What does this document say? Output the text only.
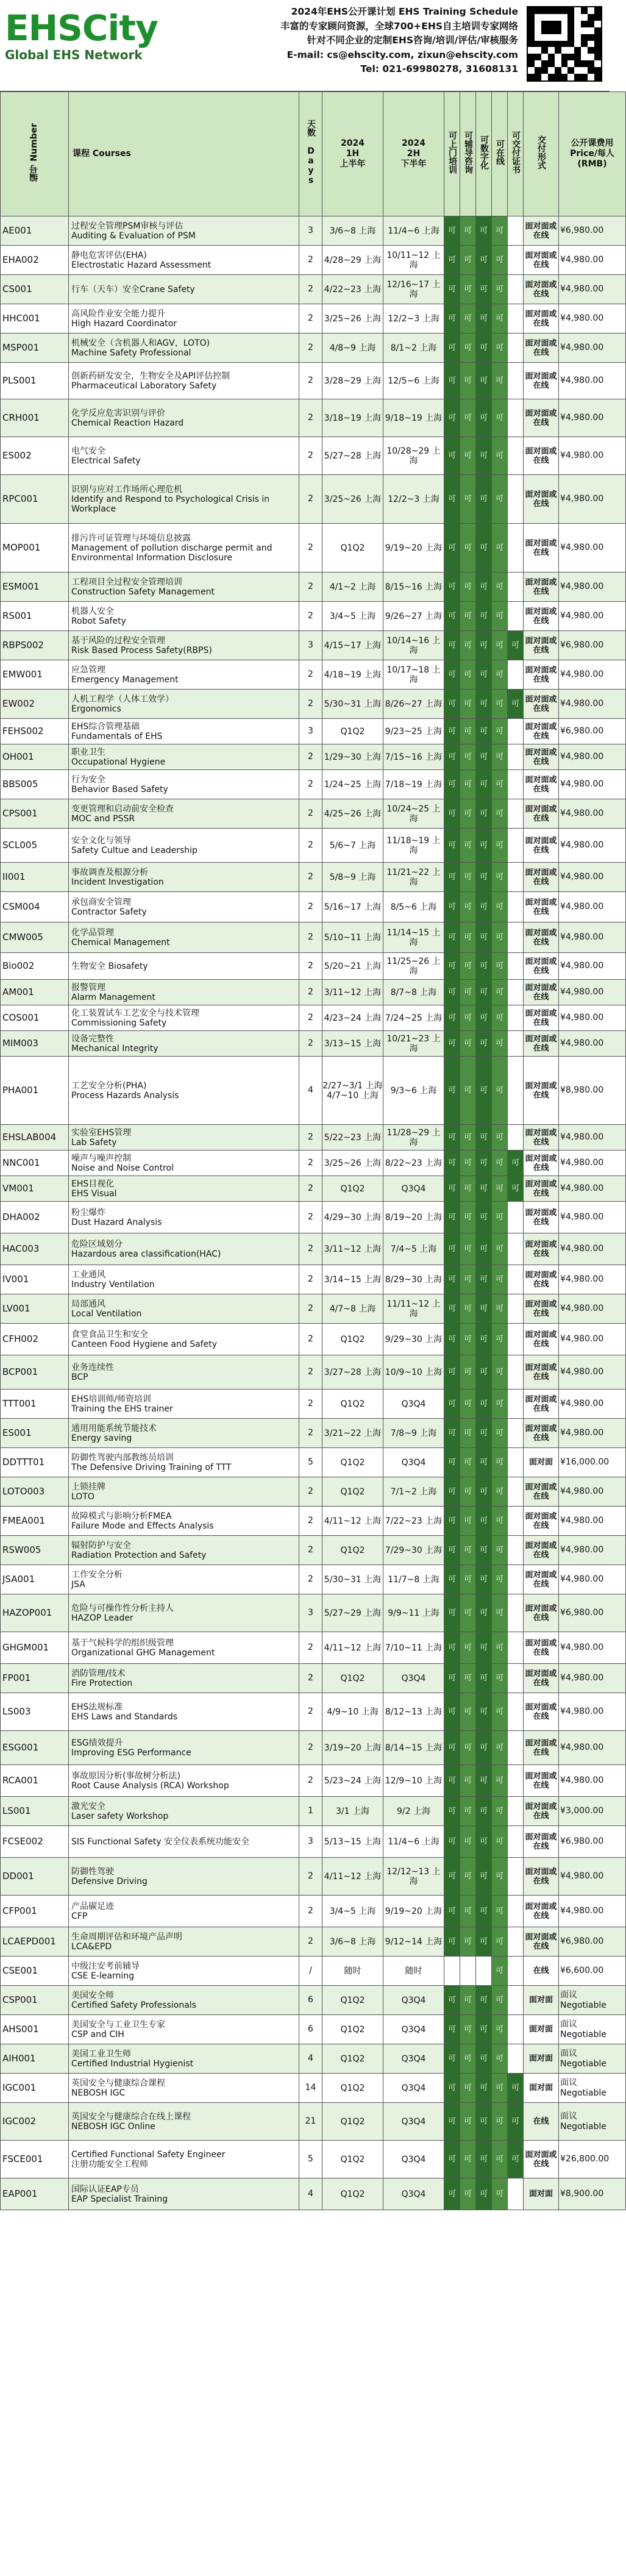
EHSCity
Global EHS Network
2024年EHS公开课计划 EHS Training Schedule
丰富的专家顾问资源，全球700+EHS自主培训专家网络
针对不同企业的定制EHS咨询/培训/评估/审核服务
E-mail: cs@ehscity.com, zixun@ehscity.com
Tel: 021-69980278, 31608131
编号 Number	课程 Courses	天数 Days	2024
1H
上半年	2024
2H
下半年	可上门培训	可辅导咨询	可数字化	可在线	可交付证书	交付形式	公开课费用 Price/每人(RMB)
AE001	过程安全管理PSM审核与评估
Auditing & Evaluation of PSM	3	3/6~8 上海	11/4~6 上海	可	可	可	可		面对面或在线	¥6,980.00
EHA002	静电危害评估(EHA)
Electrostatic Hazard Assessment	2	4/28~29 上海	10/11~12 上海	可	可	可	可		面对面或在线	¥4,980.00
CS001	行车（天车）安全Crane Safety	2	4/22~23 上海	12/16~17 上海	可	可	可	可		面对面或在线	¥4,980.00
HHC001	高风险作业安全能力提升
High Hazard Coordinator	2	3/25~26 上海	12/2~3 上海	可	可	可	可		面对面或在线	¥4,980.00
MSP001	机械安全（含机器人和AGV，LOTO)
Machine Safety Professional	2	4/8~9 上海	8/1~2 上海	可	可	可	可		面对面或在线	¥4,980.00
PLS001	创新药研发安全，生物安全及API评估控制
Pharmaceutical Laboratory Safety	2	3/28~29 上海	12/5~6 上海	可	可	可	可		面对面或在线	¥4,980.00
CRH001	化学反应危害识别与评价
Chemical Reaction Hazard	2	3/18~19 上海	9/18~19 上海	可	可	可	可		面对面或在线	¥4,980.00
ES002	电气安全
Electrical Safety	2	5/27~28 上海	10/28~29 上海	可	可	可	可		面对面或在线	¥4,980.00
RPC001	识别与应对工作场所心理危机
Identify and Respond to Psychological Crisis in Workplace	2	3/25~26 上海	12/2~3 上海	可	可	可	可		面对面或在线	¥4,980.00
MOP001	排污许可证管理与环境信息披露
Management of pollution discharge permit and Environmental Information Disclosure	2	Q1Q2	9/19~20 上海	可	可	可	可		面对面或在线	¥4,980.00
ESM001	工程项目全过程安全管理培训
Construction Safety Management	2	4/1~2 上海	8/15~16 上海	可	可	可	可		面对面或在线	¥4,980.00
RS001	机器人安全
Robot Safety	2	3/4~5 上海	9/26~27 上海	可	可	可	可		面对面或在线	¥4,980.00
RBPS002	基于风险的过程安全管理
Risk Based Process Safety(RBPS)	3	4/15~17 上海	10/14~16 上海	可	可	可	可	可	面对面或在线	¥6,980.00
EMW001	应急管理
Emergency Management	2	4/18~19 上海	10/17~18 上海	可	可	可	可		面对面或在线	¥4,980.00
EW002	人机工程学（人体工效学）
Ergonomics	2	5/30~31 上海	8/26~27 上海	可	可	可	可	可	面对面或在线	¥4,980.00
FEHS002	EHS综合管理基础
Fundamentals of EHS	3	Q1Q2	9/23~25 上海	可	可	可	可		面对面或在线	¥6,980.00
OH001	职业卫生
Occupational Hygiene	2	1/29~30 上海	7/15~16 上海	可	可	可	可		面对面或在线	¥4,980.00
BBS005	行为安全
Behavior Based Safety	2	1/24~25 上海	7/18~19 上海	可	可	可	可		面对面或在线	¥4,980.00
CPS001	变更管理和启动前安全检查
MOC and PSSR	2	4/25~26 上海	10/24~25 上海	可	可	可	可		面对面或在线	¥4,980.00
SCL005	安全文化与领导
Safety Cultue and Leadership	2	5/6~7 上海	11/18~19 上海	可	可	可	可		面对面或在线	¥4,980.00
II001	事故调查及根源分析
Incident Investigation	2	5/8~9 上海	11/21~22 上海	可	可	可	可		面对面或在线	¥4,980.00
CSM004	承包商安全管理
Contractor Safety	2	5/16~17 上海	8/5~6 上海	可	可	可	可		面对面或在线	¥4,980.00
CMW005	化学品管理
Chemical Management	2	5/10~11 上海	11/14~15 上海	可	可	可	可		面对面或在线	¥4,980.00
Bio002	生物安全 Biosafety	2	5/20~21 上海	11/25~26 上海	可	可	可	可		面对面或在线	¥4,980.00
AM001	报警管理
Alarm Management	2	3/11~12 上海	8/7~8 上海	可	可	可	可		面对面或在线	¥4,980.00
COS001	化工装置试车工艺安全与技术管理
Commissioning Safety	2	4/23~24 上海	7/24~25 上海	可	可	可	可		面对面或在线	¥4,980.00
MIM003	设备完整性
Mechanical Integrity	2	3/13~15 上海	10/21~23 上海	可	可	可	可		面对面或在线	¥4,980.00
PHA001	工艺安全分析(PHA)
Process Hazards Analysis	4	2/27~3/1 上海 4/7~10 上海	9/3~6 上海	可	可	可	可		面对面或在线	¥8,980.00
EHSLAB004	实验室EHS管理
Lab Safety	2	5/22~23 上海	11/28~29 上海	可	可	可	可		面对面或在线	¥4,980.00
NNC001	噪声与噪声控制
Noise and Noise Control	2	3/25~26 上海	8/22~23 上海	可	可	可	可	可	面对面或在线	¥4,980.00
VM001	EHS目视化
EHS Visual	2	Q1Q2	Q3Q4	可	可	可	可	可	面对面或在线	¥4,980.00
DHA002	粉尘爆炸
Dust Hazard Analysis	2	4/29~30 上海	8/19~20 上海	可	可	可	可		面对面或在线	¥4,980.00
HAC003	危险区域划分
Hazardous area classification(HAC)	2	3/11~12 上海	7/4~5 上海	可	可	可	可		面对面或在线	¥4,980.00
IV001	工业通风
Industry Ventilation	2	3/14~15 上海	8/29~30 上海	可	可	可	可		面对面或在线	¥4,980.00
LV001	局部通风
Local Ventilation	2	4/7~8 上海	11/11~12 上海	可	可	可	可		面对面或在线	¥4,980.00
CFH002	食堂食品卫生和安全
Canteen Food Hygiene and Safety	2	Q1Q2	9/29~30 上海	可	可	可	可		面对面或在线	¥4,980.00
BCP001	业务连续性
BCP	2	3/27~28 上海	10/9~10 上海	可	可	可	可		面对面或在线	¥4,980.00
TTT001	EHS培训师/师资培训
Training the EHS trainer	2	Q1Q2	Q3Q4	可	可	可	可		面对面或在线	¥4,980.00
ES001	通用用能系统节能技术
Energy saving	2	3/21~22 上海	7/8~9 上海	可	可	可	可		面对面或在线	¥4,980.00
DDTTT01	防御性驾驶内部教练员培训
The Defensive Driving Training of TTT	5	Q1Q2	Q3Q4	可	可	可	可		面对面	¥16,000.00
LOTO003	上锁挂牌
LOTO	2	Q1Q2	7/1~2 上海	可	可	可	可		面对面或在线	¥4,980.00
FMEA001	故障模式与影响分析FMEA
Failure Mode and Effects Analysis	2	4/11~12 上海	7/22~23 上海	可	可	可	可		面对面或在线	¥4,980.00
RSW005	辐射防护与安全
Radiation Protection and Safety	2	Q1Q2	7/29~30 上海	可	可	可	可		面对面或在线	¥4,980.00
JSA001	工作安全分析
JSA	2	5/30~31 上海	11/7~8 上海	可	可	可	可		面对面或在线	¥4,980.00
HAZOP001	危险与可操作性分析主持人
HAZOP Leader	3	5/27~29 上海	9/9~11 上海	可	可	可	可		面对面或在线	¥6,980.00
GHGM001	基于气候科学的组织级管理
Organizational GHG Management	2	4/11~12 上海	7/10~11 上海	可	可	可	可		面对面或在线	¥4,980.00
FP001	消防管理/技术
Fire Protection	2	Q1Q2	Q3Q4	可	可	可	可		面对面或在线	¥4,980.00
LS003	EHS法规标准
EHS Laws and Standards	2	4/9~10 上海	8/12~13 上海	可	可	可	可		面对面或在线	¥4,980.00
ESG001	ESG绩效提升
Improving ESG Performance	2	3/19~20 上海	8/14~15 上海	可	可	可	可		面对面或在线	¥4,980.00
RCA001	事故原因分析(事故树分析法)
Root Cause Analysis (RCA) Workshop	2	5/23~24 上海	12/9~10 上海	可	可	可	可		面对面或在线	¥4,980.00
LS001	激光安全
Laser safety Workshop	1	3/1 上海	9/2 上海	可	可	可	可		面对面或在线	¥3,000.00
FCSE002	SIS Functional Safety 安全仪表系统功能安全	3	5/13~15 上海	11/4~6 上海	可	可	可	可		面对面或在线	¥6,980.00
DD001	防御性驾驶
Defensive Driving	2	4/11~12 上海	12/12~13 上海	可	可	可	可		面对面或在线	¥4,980.00
CFP001	产品碳足迹
CFP	2	3/4~5 上海	9/19~20 上海	可	可	可	可		面对面或在线	¥4,980.00
LCAEPD001	生命周期评估和环境产品声明
LCA&EPD	2	3/6~8 上海	9/12~14 上海	可	可	可	可		面对面或在线	¥6,980.00
CSE001	中级注安考前辅导
CSE E-learning	/	随时	随时				可		在线	¥6,600.00
CSP001	美国安全师
Certified Safety Professionals	6	Q1Q2	Q3Q4	可	可	可	可		面对面	面议 Negotiable
AHS001	美国安全与工业卫生专家
CSP and CIH	6	Q1Q2	Q3Q4	可	可	可	可		面对面	面议 Negotiable
AIH001	美国工业卫生师
Certified Industrial Hygienist	4	Q1Q2	Q3Q4	可	可	可	可		面对面	面议 Negotiable
IGC001	英国安全与健康综合课程
NEBOSH IGC	14	Q1Q2	Q3Q4	可	可	可	可	可	面对面	面议 Negotiable
IGC002	英国安全与健康综合在线上课程
NEBOSH IGC Online	21	Q1Q2	Q3Q4	可	可	可	可	可	在线	面议 Negotiable
FSCE001	Certified Functional Safety Engineer
注册功能安全工程师	5	Q1Q2	Q3Q4	可	可	可	可	可	面对面或在线	¥26,800.00
EAP001	国际认证EAP专员
EAP Specialist Training	4	Q1Q2	Q3Q4	可	可	可	可		面对面	¥8,900.00
